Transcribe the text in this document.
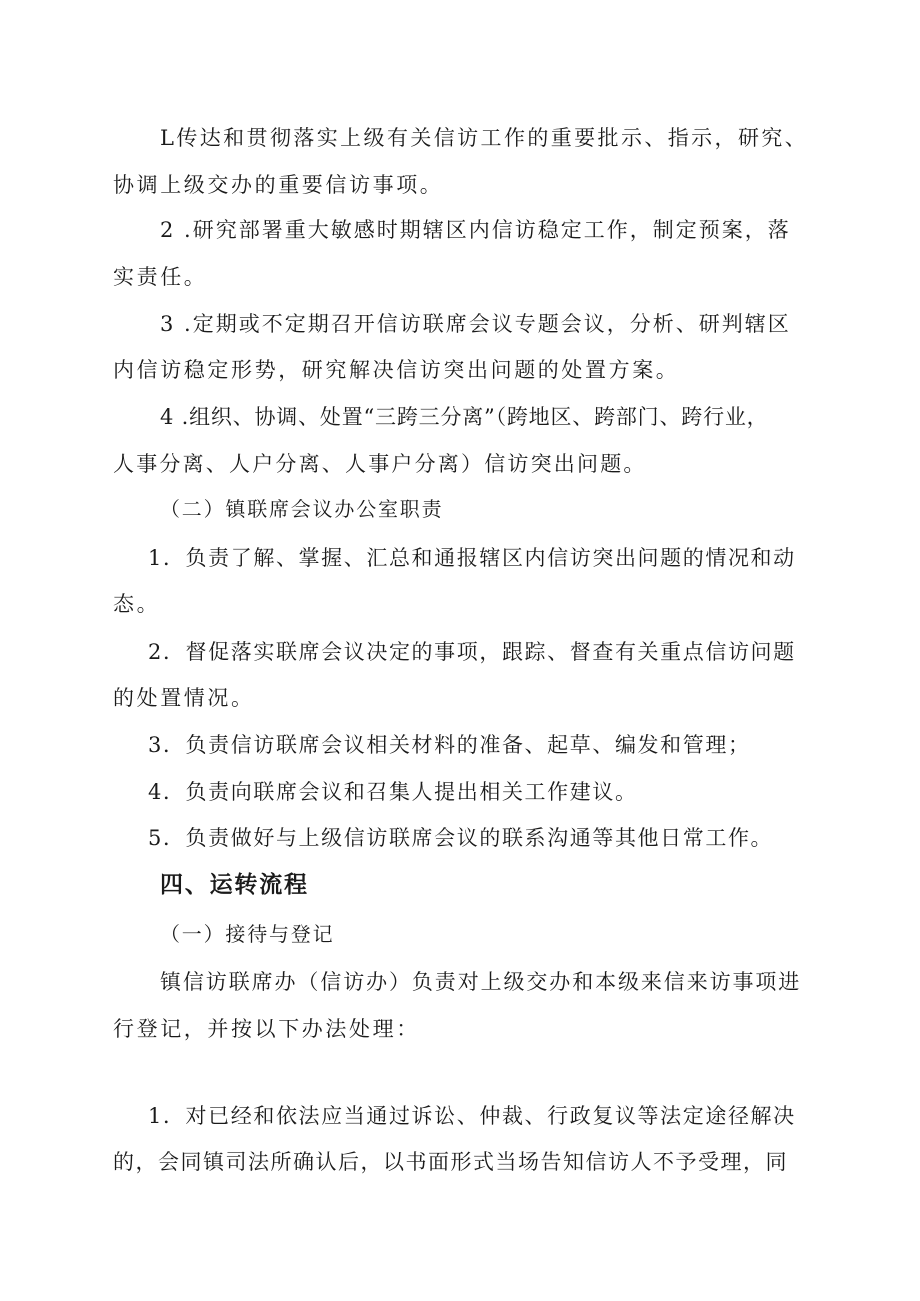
L传达和贯彻落实上级有关信访工作的重要批示、指示，研究、
协调上级交办的重要信访事项。
2 .研究部署重大敏感时期辖区内信访稳定工作，制定预案，落
实责任。
3 .定期或不定期召开信访联席会议专题会议，分析、研判辖区
内信访稳定形势，研究解决信访突出问题的处置方案。
4 .组织、协调、处置“三跨三分离”（跨地区、跨部门、跨行业，
人事分离、人户分离、人事户分离）信访突出问题。
（二）镇联席会议办公室职责
1．负责了解、掌握、汇总和通报辖区内信访突出问题的情况和动
态。
2．督促落实联席会议决定的事项，跟踪、督查有关重点信访问题
的处置情况。
3．负责信访联席会议相关材料的准备、起草、编发和管理；
4．负责向联席会议和召集人提出相关工作建议。
5．负责做好与上级信访联席会议的联系沟通等其他日常工作。
四、运转流程
（一）接待与登记
镇信访联席办（信访办）负责对上级交办和本级来信来访事项进
行登记，并按以下办法处理：
1．对已经和依法应当通过诉讼、仲裁、行政复议等法定途径解决
的，会同镇司法所确认后，以书面形式当场告知信访人不予受理，同
